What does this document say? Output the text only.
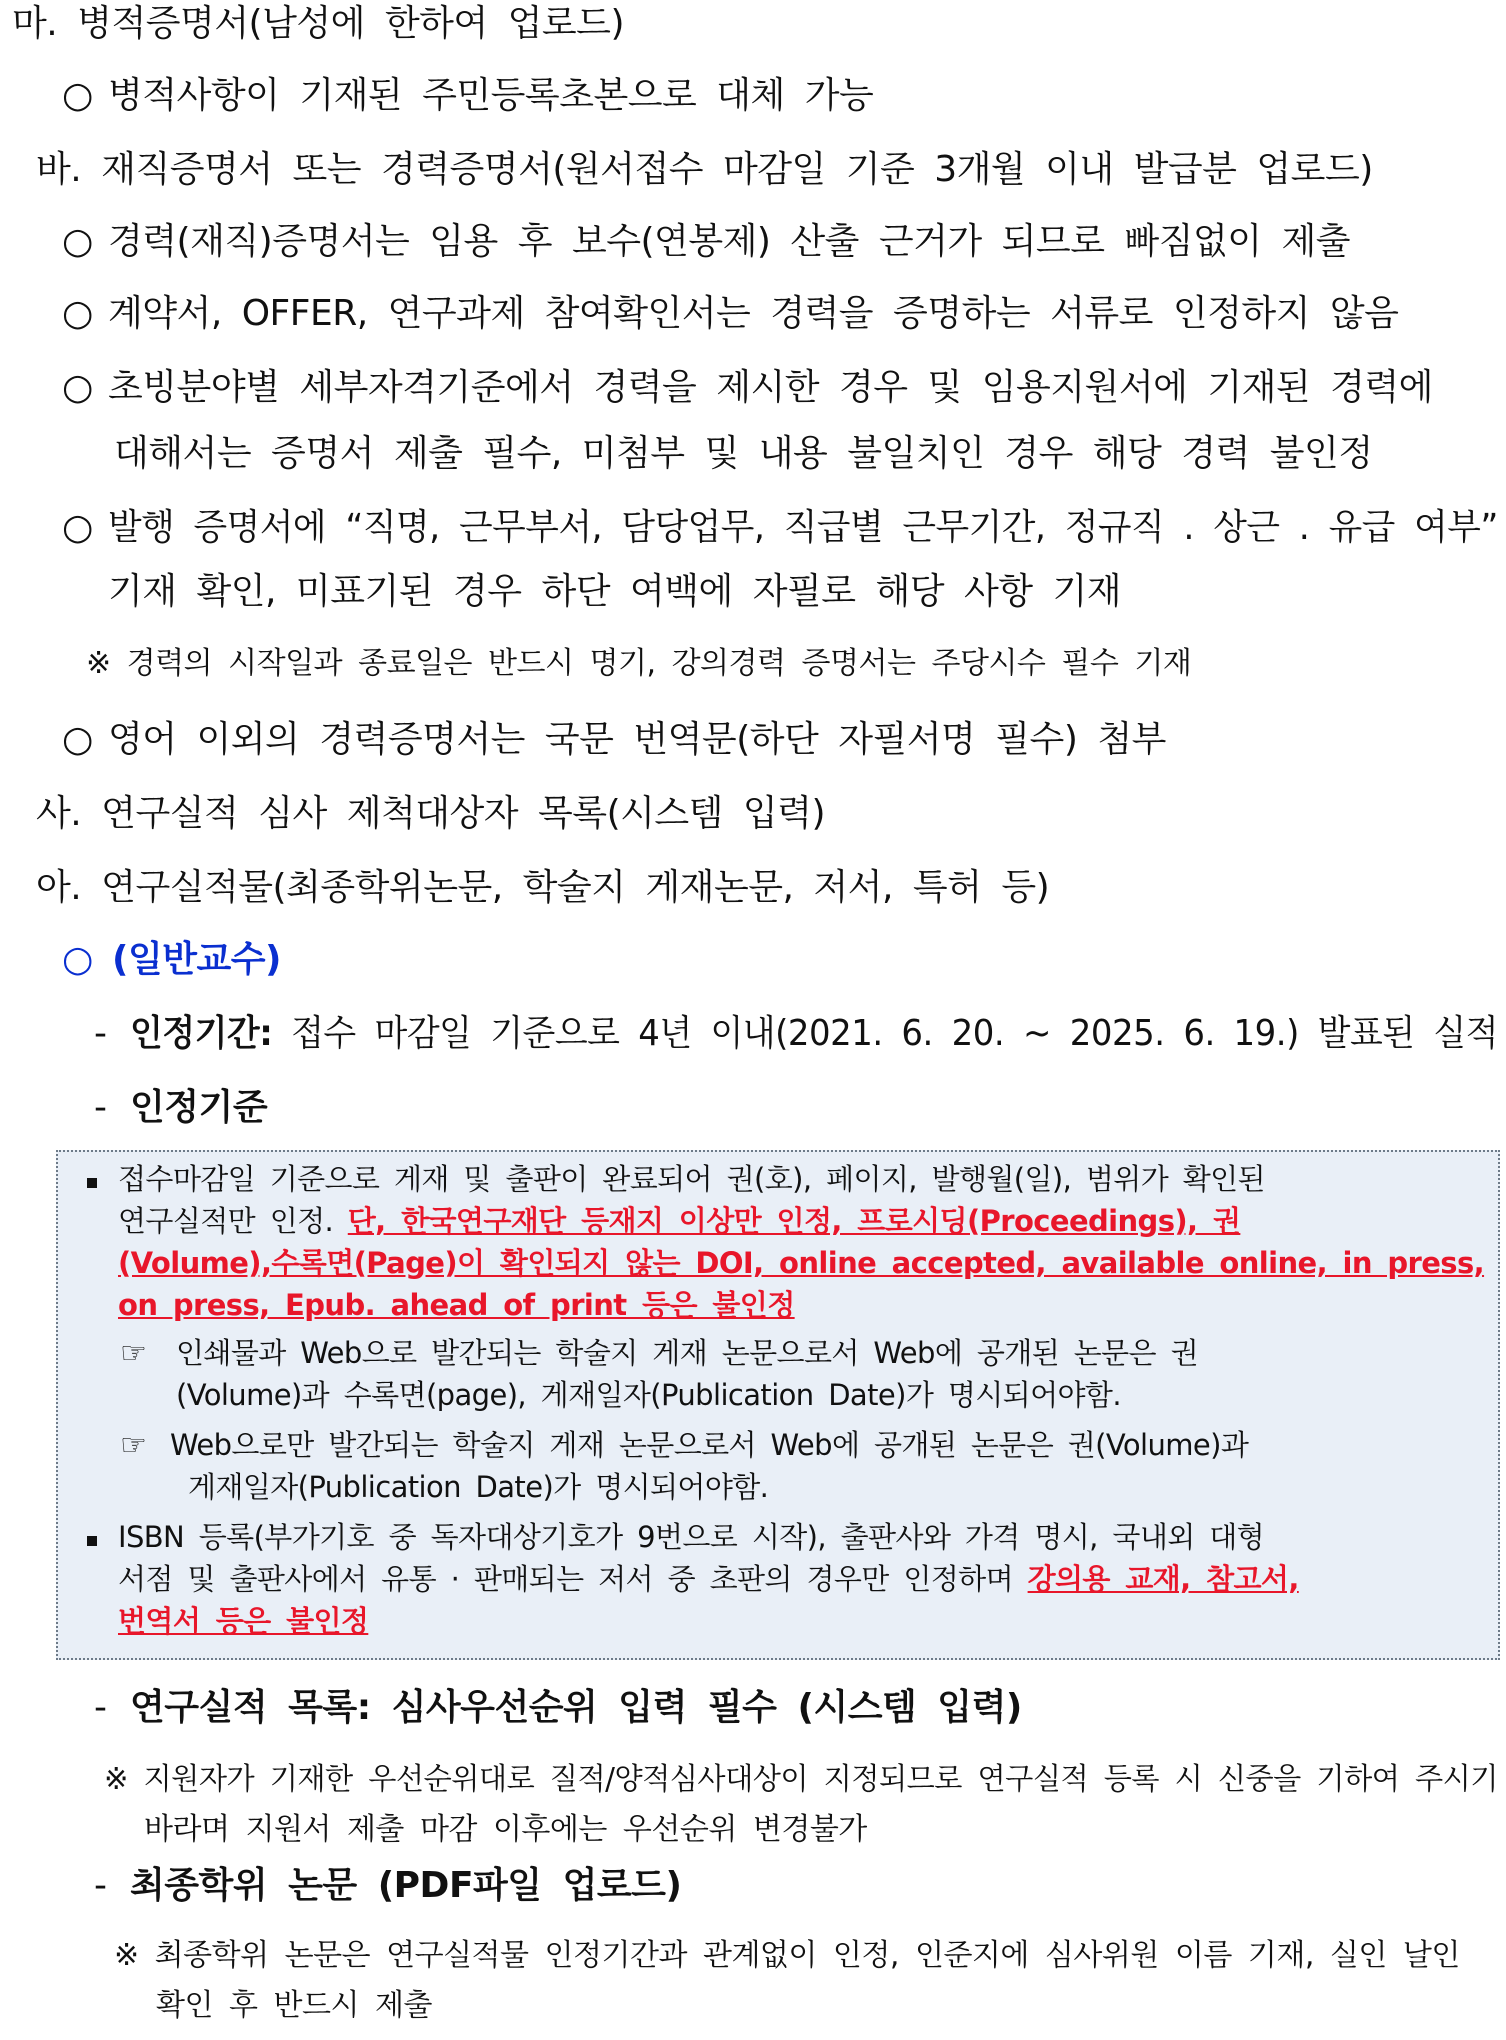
마. 병적증명서(남성에 한하여 업로드)
○ 병적사항이 기재된 주민등록초본으로 대체 가능
바. 재직증명서 또는 경력증명서(원서접수 마감일 기준 3개월 이내 발급분 업로드)
○ 경력(재직)증명서는 임용 후 보수(연봉제) 산출 근거가 되므로 빠짐없이 제출
○ 계약서, OFFER, 연구과제 참여확인서는 경력을 증명하는 서류로 인정하지 않음
○ 초빙분야별 세부자격기준에서 경력을 제시한 경우 및 임용지원서에 기재된 경력에
대해서는 증명서 제출 필수, 미첨부 및 내용 불일치인 경우 해당 경력 불인정
○ 발행 증명서에 “직명, 근무부서, 담당업무, 직급별 근무기간, 정규직 . 상근 . 유급 여부”
기재 확인, 미표기된 경우 하단 여백에 자필로 해당 사항 기재
※ 경력의 시작일과 종료일은 반드시 명기, 강의경력 증명서는 주당시수 필수 기재
○ 영어 이외의 경력증명서는 국문 번역문(하단 자필서명 필수) 첨부
사. 연구실적 심사 제척대상자 목록(시스템 입력)
아. 연구실적물(최종학위논문, 학술지 게재논문, 저서, 특허 등)
○ (일반교수)
- 인정기간: 접수 마감일 기준으로 4년 이내(2021. 6. 20. ~ 2025. 6. 19.) 발표된 실적
- 인정기준
접수마감일 기준으로 게재 및 출판이 완료되어 권(호), 페이지, 발행월(일), 범위가 확인된
연구실적만 인정. 단, 한국연구재단 등재지 이상만 인정, 프로시딩(Proceedings), 권
(Volume),수록면(Page)이 확인되지 않는 DOI, online accepted, available online, in press,
on press, Epub. ahead of print 등은 불인정
☞ 인쇄물과 Web으로 발간되는 학술지 게재 논문으로서 Web에 공개된 논문은 권
(Volume)과 수록면(page), 게재일자(Publication Date)가 명시되어야함.
☞ Web으로만 발간되는 학술지 게재 논문으로서 Web에 공개된 논문은 권(Volume)과
게재일자(Publication Date)가 명시되어야함.
ISBN 등록(부가기호 중 독자대상기호가 9번으로 시작), 출판사와 가격 명시, 국내외 대형
서점 및 출판사에서 유통 · 판매되는 저서 중 초판의 경우만 인정하며 강의용 교재, 참고서,
번역서 등은 불인정
- 연구실적 목록: 심사우선순위 입력 필수 (시스템 입력)
※ 지원자가 기재한 우선순위대로 질적/양적심사대상이 지정되므로 연구실적 등록 시 신중을 기하여 주시기
바라며 지원서 제출 마감 이후에는 우선순위 변경불가
- 최종학위 논문 (PDF파일 업로드)
※ 최종학위 논문은 연구실적물 인정기간과 관계없이 인정, 인준지에 심사위원 이름 기재, 실인 날인
확인 후 반드시 제출
